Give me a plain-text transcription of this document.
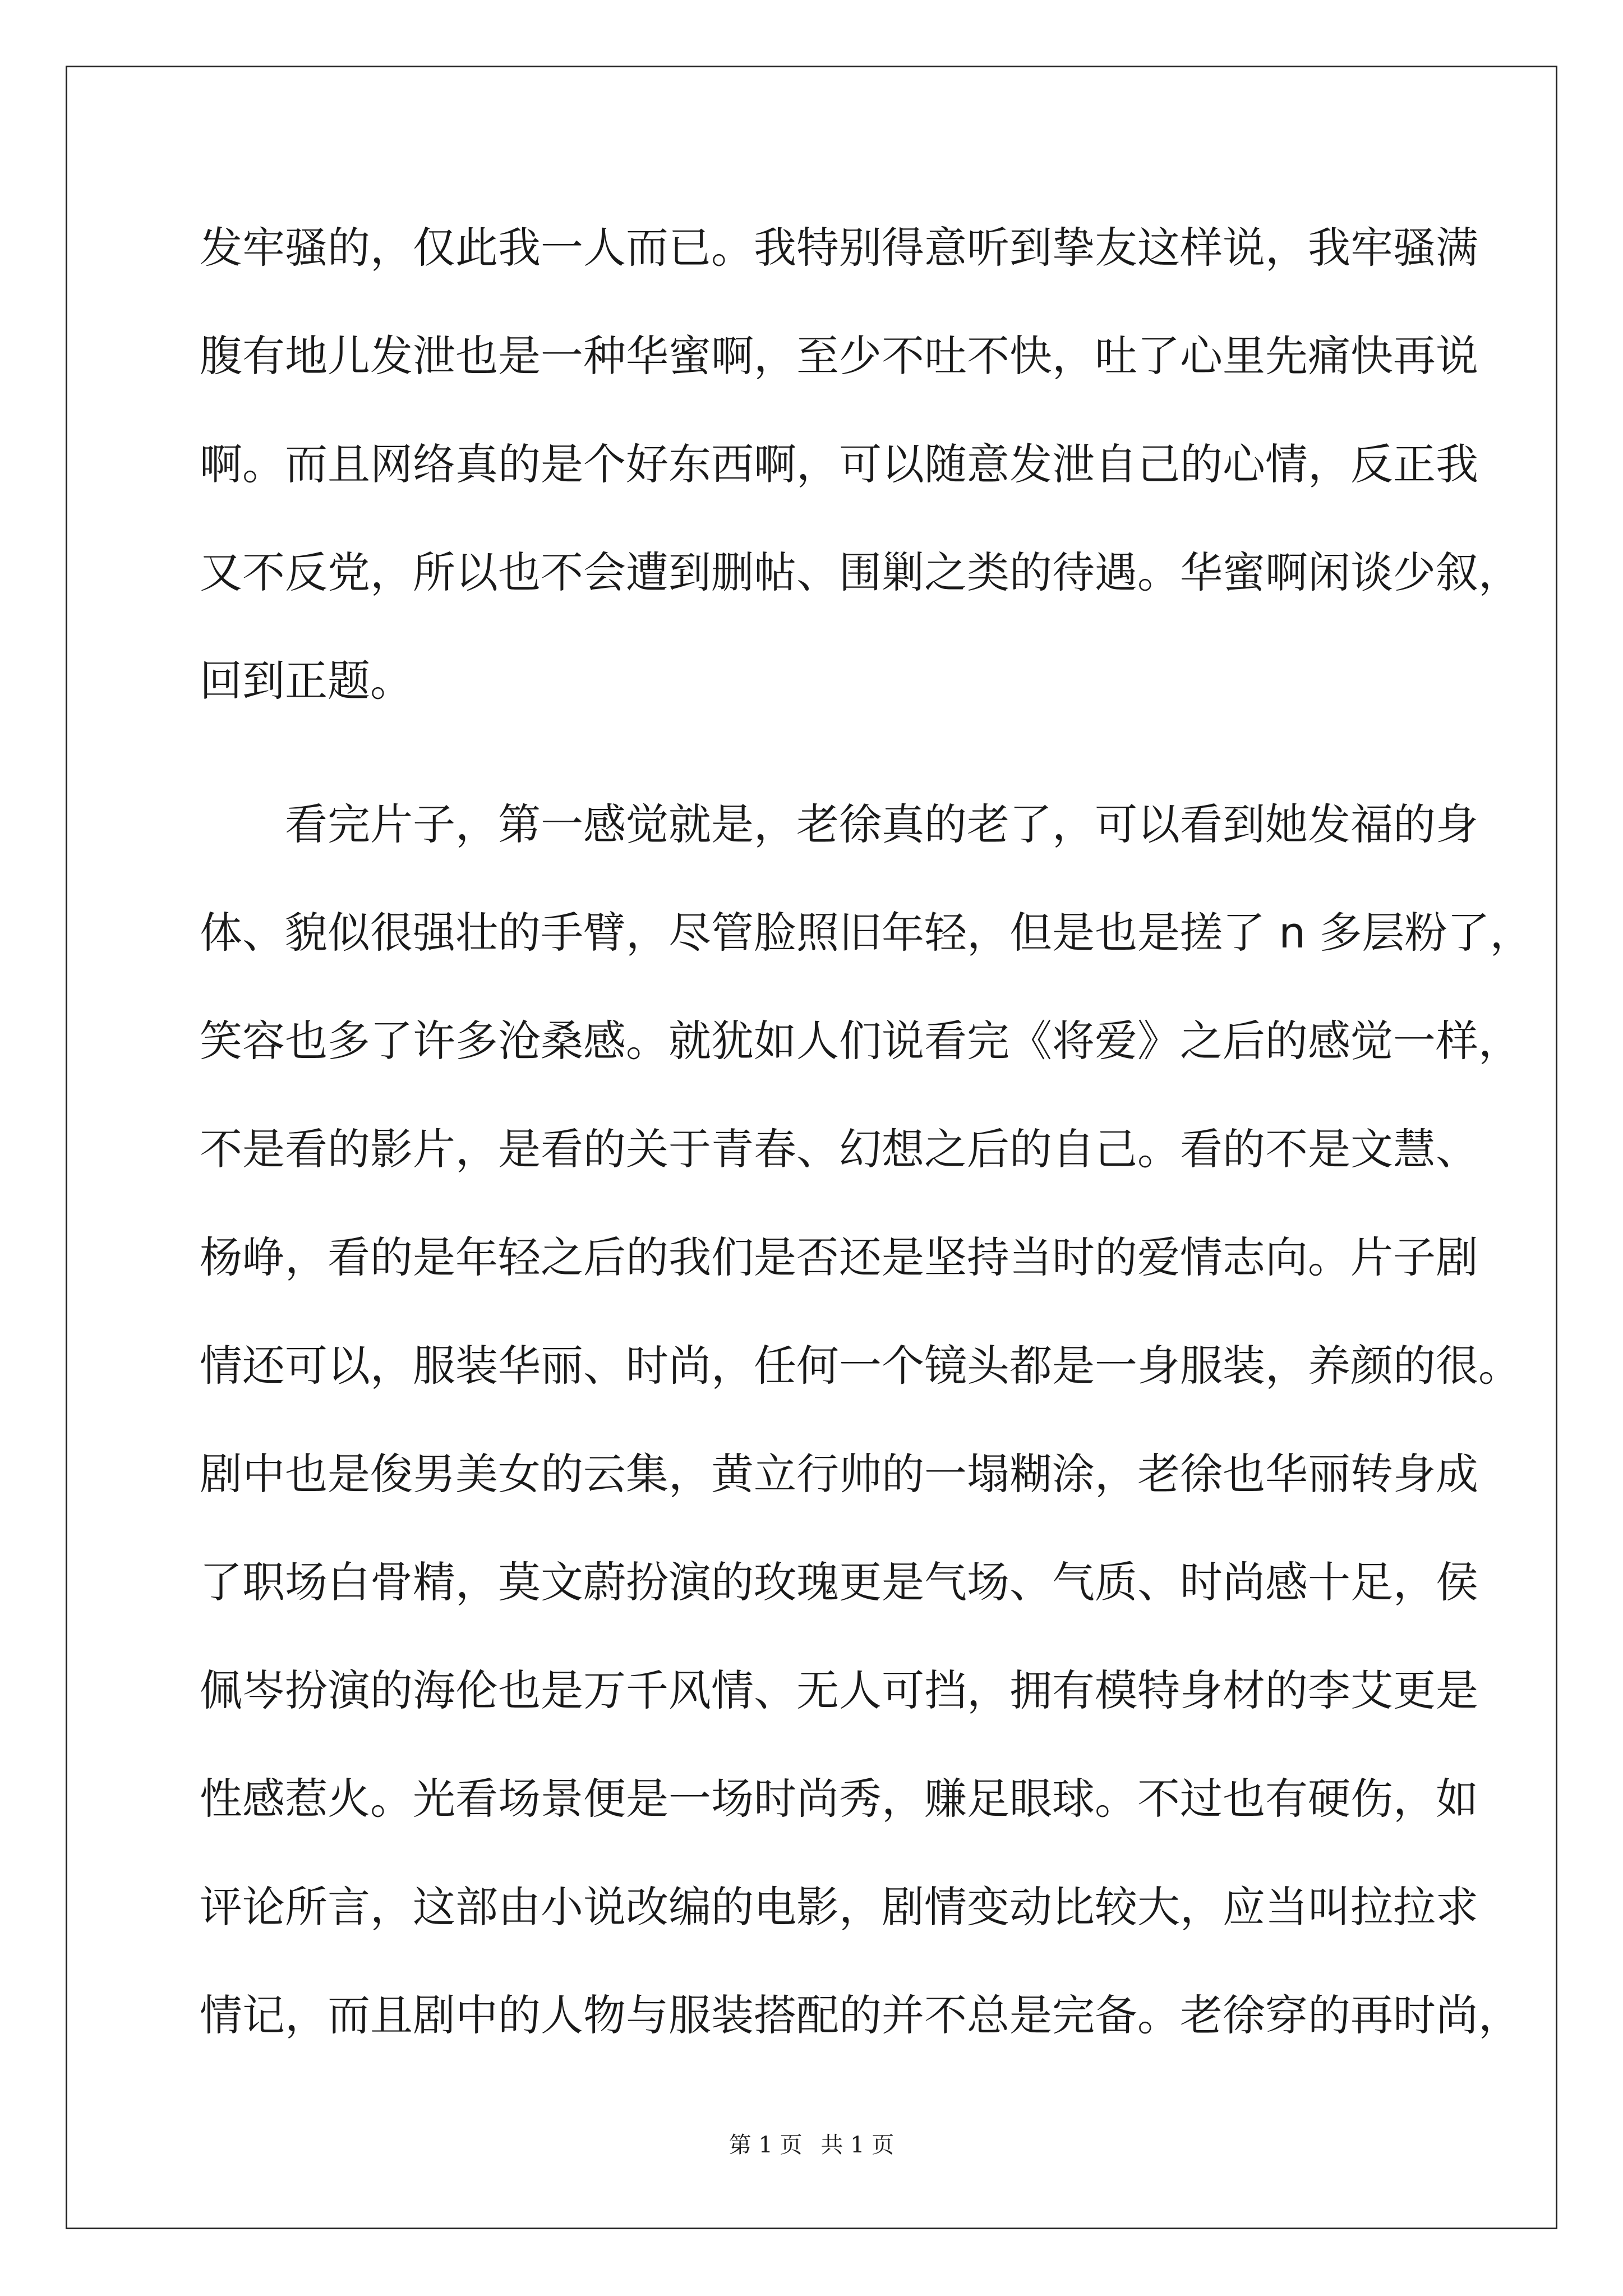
发牢骚的，仅此我一人而已。我特别得意听到挚友这样说，我牢骚满
腹有地儿发泄也是一种华蜜啊，至少不吐不快，吐了心里先痛快再说
啊。而且网络真的是个好东西啊，可以随意发泄自己的心情，反正我
又不反党，所以也不会遭到删帖、围剿之类的待遇。华蜜啊闲谈少叙，
回到正题。
　　看完片子，第一感觉就是，老徐真的老了，可以看到她发福的身
体、貌似很强壮的手臂，尽管脸照旧年轻，但是也是搓了 n 多层粉了，
笑容也多了许多沧桑感。就犹如人们说看完《将爱》之后的感觉一样，
不是看的影片，是看的关于青春、幻想之后的自己。看的不是文慧、
杨峥，看的是年轻之后的我们是否还是坚持当时的爱情志向。片子剧
情还可以，服装华丽、时尚，任何一个镜头都是一身服装，养颜的很。
剧中也是俊男美女的云集，黄立行帅的一塌糊涂，老徐也华丽转身成
了职场白骨精，莫文蔚扮演的玫瑰更是气场、气质、时尚感十足，侯
佩岑扮演的海伦也是万千风情、无人可挡，拥有模特身材的李艾更是
性感惹火。光看场景便是一场时尚秀，赚足眼球。不过也有硬伤，如
评论所言，这部由小说改编的电影，剧情变动比较大，应当叫拉拉求
情记，而且剧中的人物与服装搭配的并不总是完备。老徐穿的再时尚，
第 1 页 共 1 页
